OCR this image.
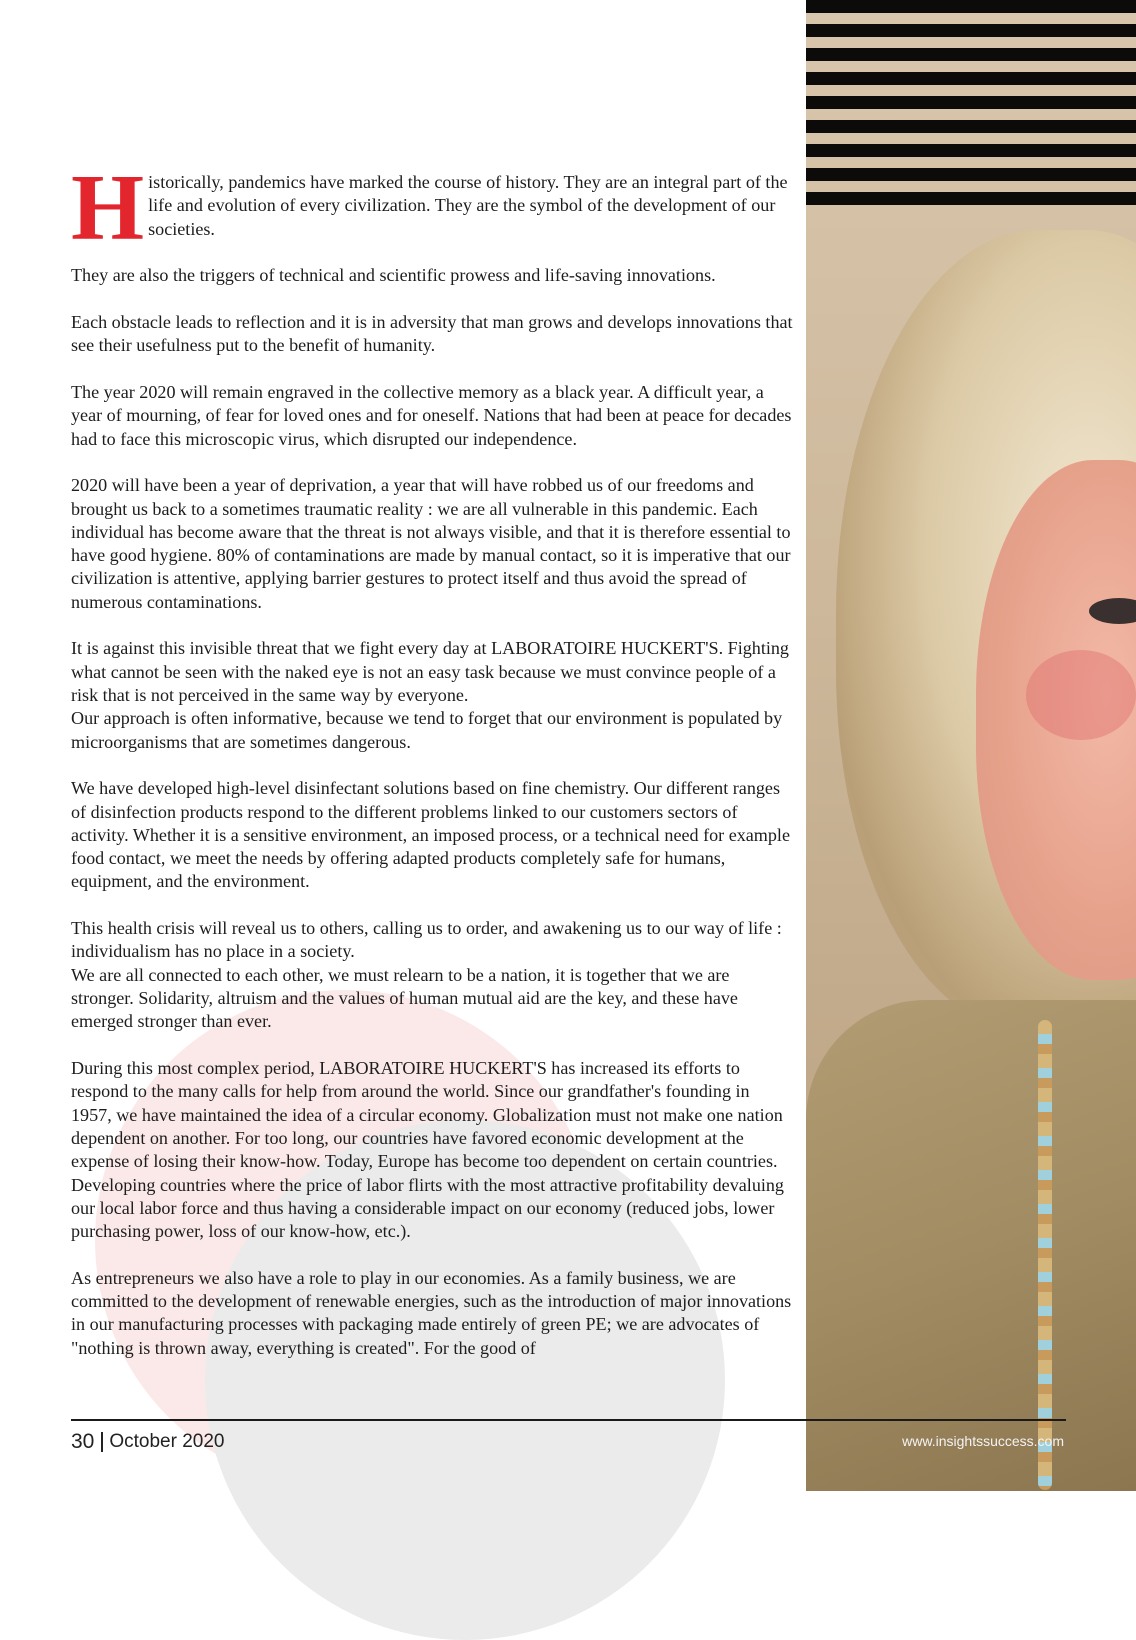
Historically, pandemics have marked the course of history. They are an integral part of the life and evolution of every civilization. They are the symbol of the development of our societies.

They are also the triggers of technical and scientific prowess and life-saving innovations.

Each obstacle leads to reflection and it is in adversity that man grows and develops innovations that see their usefulness put to the benefit of humanity.

The year 2020 will remain engraved in the collective memory as a black year. A difficult year, a year of mourning, of fear for loved ones and for oneself. Nations that had been at peace for decades had to face this microscopic virus, which disrupted our independence.

2020 will have been a year of deprivation, a year that will have robbed us of our freedoms and brought us back to a sometimes traumatic reality : we are all vulnerable in this pandemic. Each individual has become aware that the threat is not always visible, and that it is therefore essential to have good hygiene. 80% of contaminations are made by manual contact, so it is imperative that our civilization is attentive, applying barrier gestures to protect itself and thus avoid the spread of numerous contaminations.

It is against this invisible threat that we fight every day at LABORATOIRE HUCKERT'S. Fighting what cannot be seen with the naked eye is not an easy task because we must convince people of a risk that is not perceived in the same way by everyone.

Our approach is often informative, because we tend to forget that our environment is populated by microorganisms that are sometimes dangerous.

We have developed high-level disinfectant solutions based on fine chemistry. Our different ranges of disinfection products respond to the different problems linked to our customers sectors of activity. Whether it is a sensitive environment, an imposed process, or a technical need for example food contact, we meet the needs by offering adapted products completely safe for humans, equipment, and the environment.

This health crisis will reveal us to others, calling us to order, and awakening us to our way of life : individualism has no place in a society.

We are all connected to each other, we must relearn to be a nation, it is together that we are stronger. Solidarity, altruism and the values of human mutual aid are the key, and these have emerged stronger than ever.

During this most complex period, LABORATOIRE HUCKERT'S has increased its efforts to respond to the many calls for help from around the world. Since our grandfather's founding in 1957, we have maintained the idea of a circular economy. Globalization must not make one nation dependent on another. For too long, our countries have favored economic development at the expense of losing their know-how. Today, Europe has become too dependent on certain countries. Developing countries where the price of labor flirts with the most attractive profitability devaluing our local labor force and thus having a considerable impact on our economy (reduced jobs, lower purchasing power, loss of our know-how, etc.).

As entrepreneurs we also have a role to play in our economies. As a family business, we are committed to the development of renewable energies, such as the introduction of major innovations in our manufacturing processes with packaging made entirely of green PE; we are advocates of "nothing is thrown away, everything is created". For the good of

30 October 2020	www.insightssuccess.com
